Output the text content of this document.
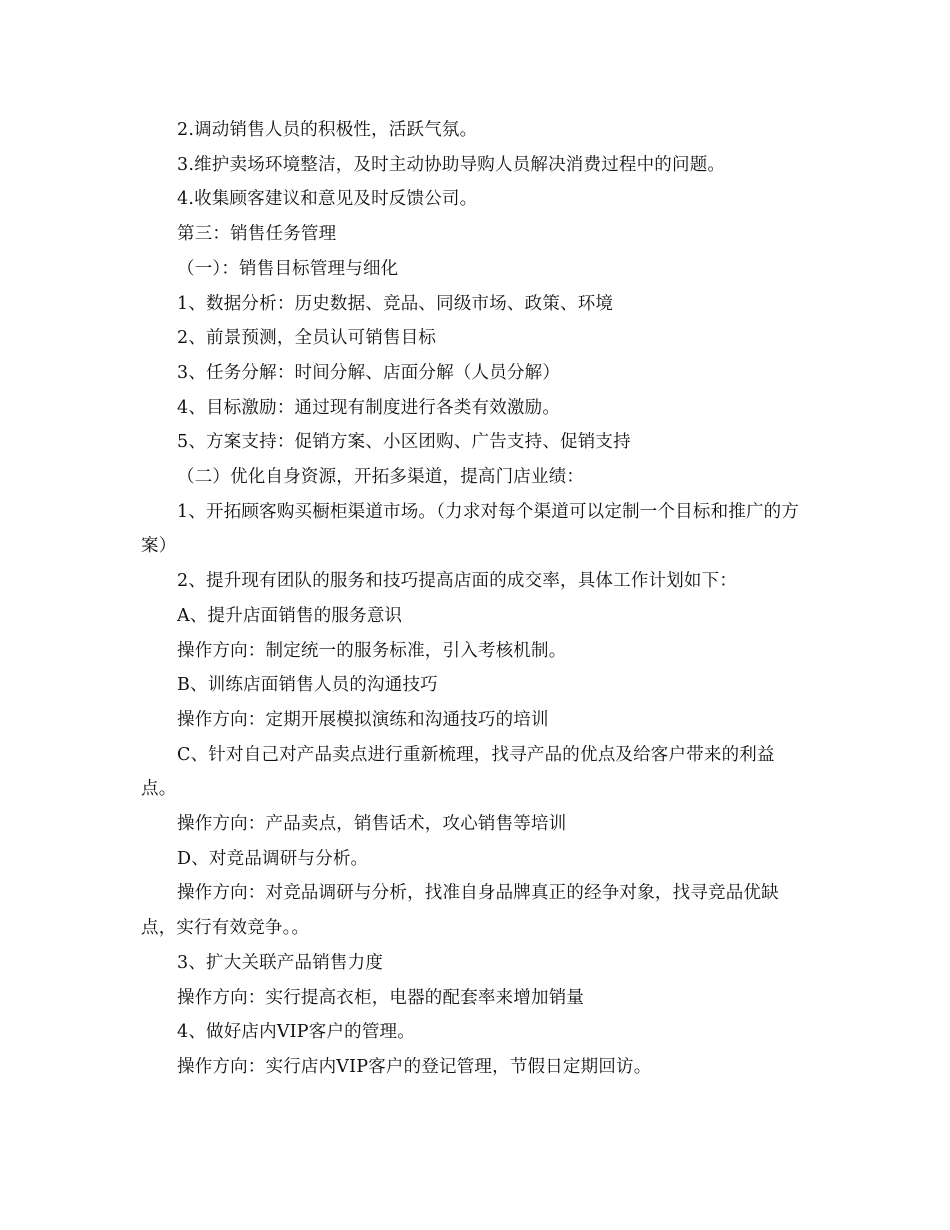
2.调动销售人员的积极性，活跃气氛。

3.维护卖场环境整洁，及时主动协助导购人员解决消费过程中的问题。

4.收集顾客建议和意见及时反馈公司。

第三：销售任务管理

（一）：销售目标管理与细化

1、数据分析：历史数据、竞品、同级市场、政策、环境

2、前景预测，全员认可销售目标

3、任务分解：时间分解、店面分解（人员分解）

4、目标激励：通过现有制度进行各类有效激励。

5、方案支持：促销方案、小区团购、广告支持、促销支持

（二）优化自身资源，开拓多渠道，提高门店业绩：

1、开拓顾客购买橱柜渠道市场。（力求对每个渠道可以定制一个目标和推广的方案）

2、提升现有团队的服务和技巧提高店面的成交率，具体工作计划如下：

A、提升店面销售的服务意识

操作方向：制定统一的服务标准，引入考核机制。

B、训练店面销售人员的沟通技巧

操作方向：定期开展模拟演练和沟通技巧的培训

C、针对自己对产品卖点进行重新梳理，找寻产品的优点及给客户带来的利益点。

操作方向：产品卖点，销售话术，攻心销售等培训

D、对竞品调研与分析。

操作方向：对竞品调研与分析，找准自身品牌真正的经争对象，找寻竞品优缺点，实行有效竞争。。

3、扩大关联产品销售力度

操作方向：实行提高衣柜，电器的配套率来增加销量

4、做好店内VIP客户的管理。

操作方向：实行店内VIP客户的登记管理，节假日定期回访。
